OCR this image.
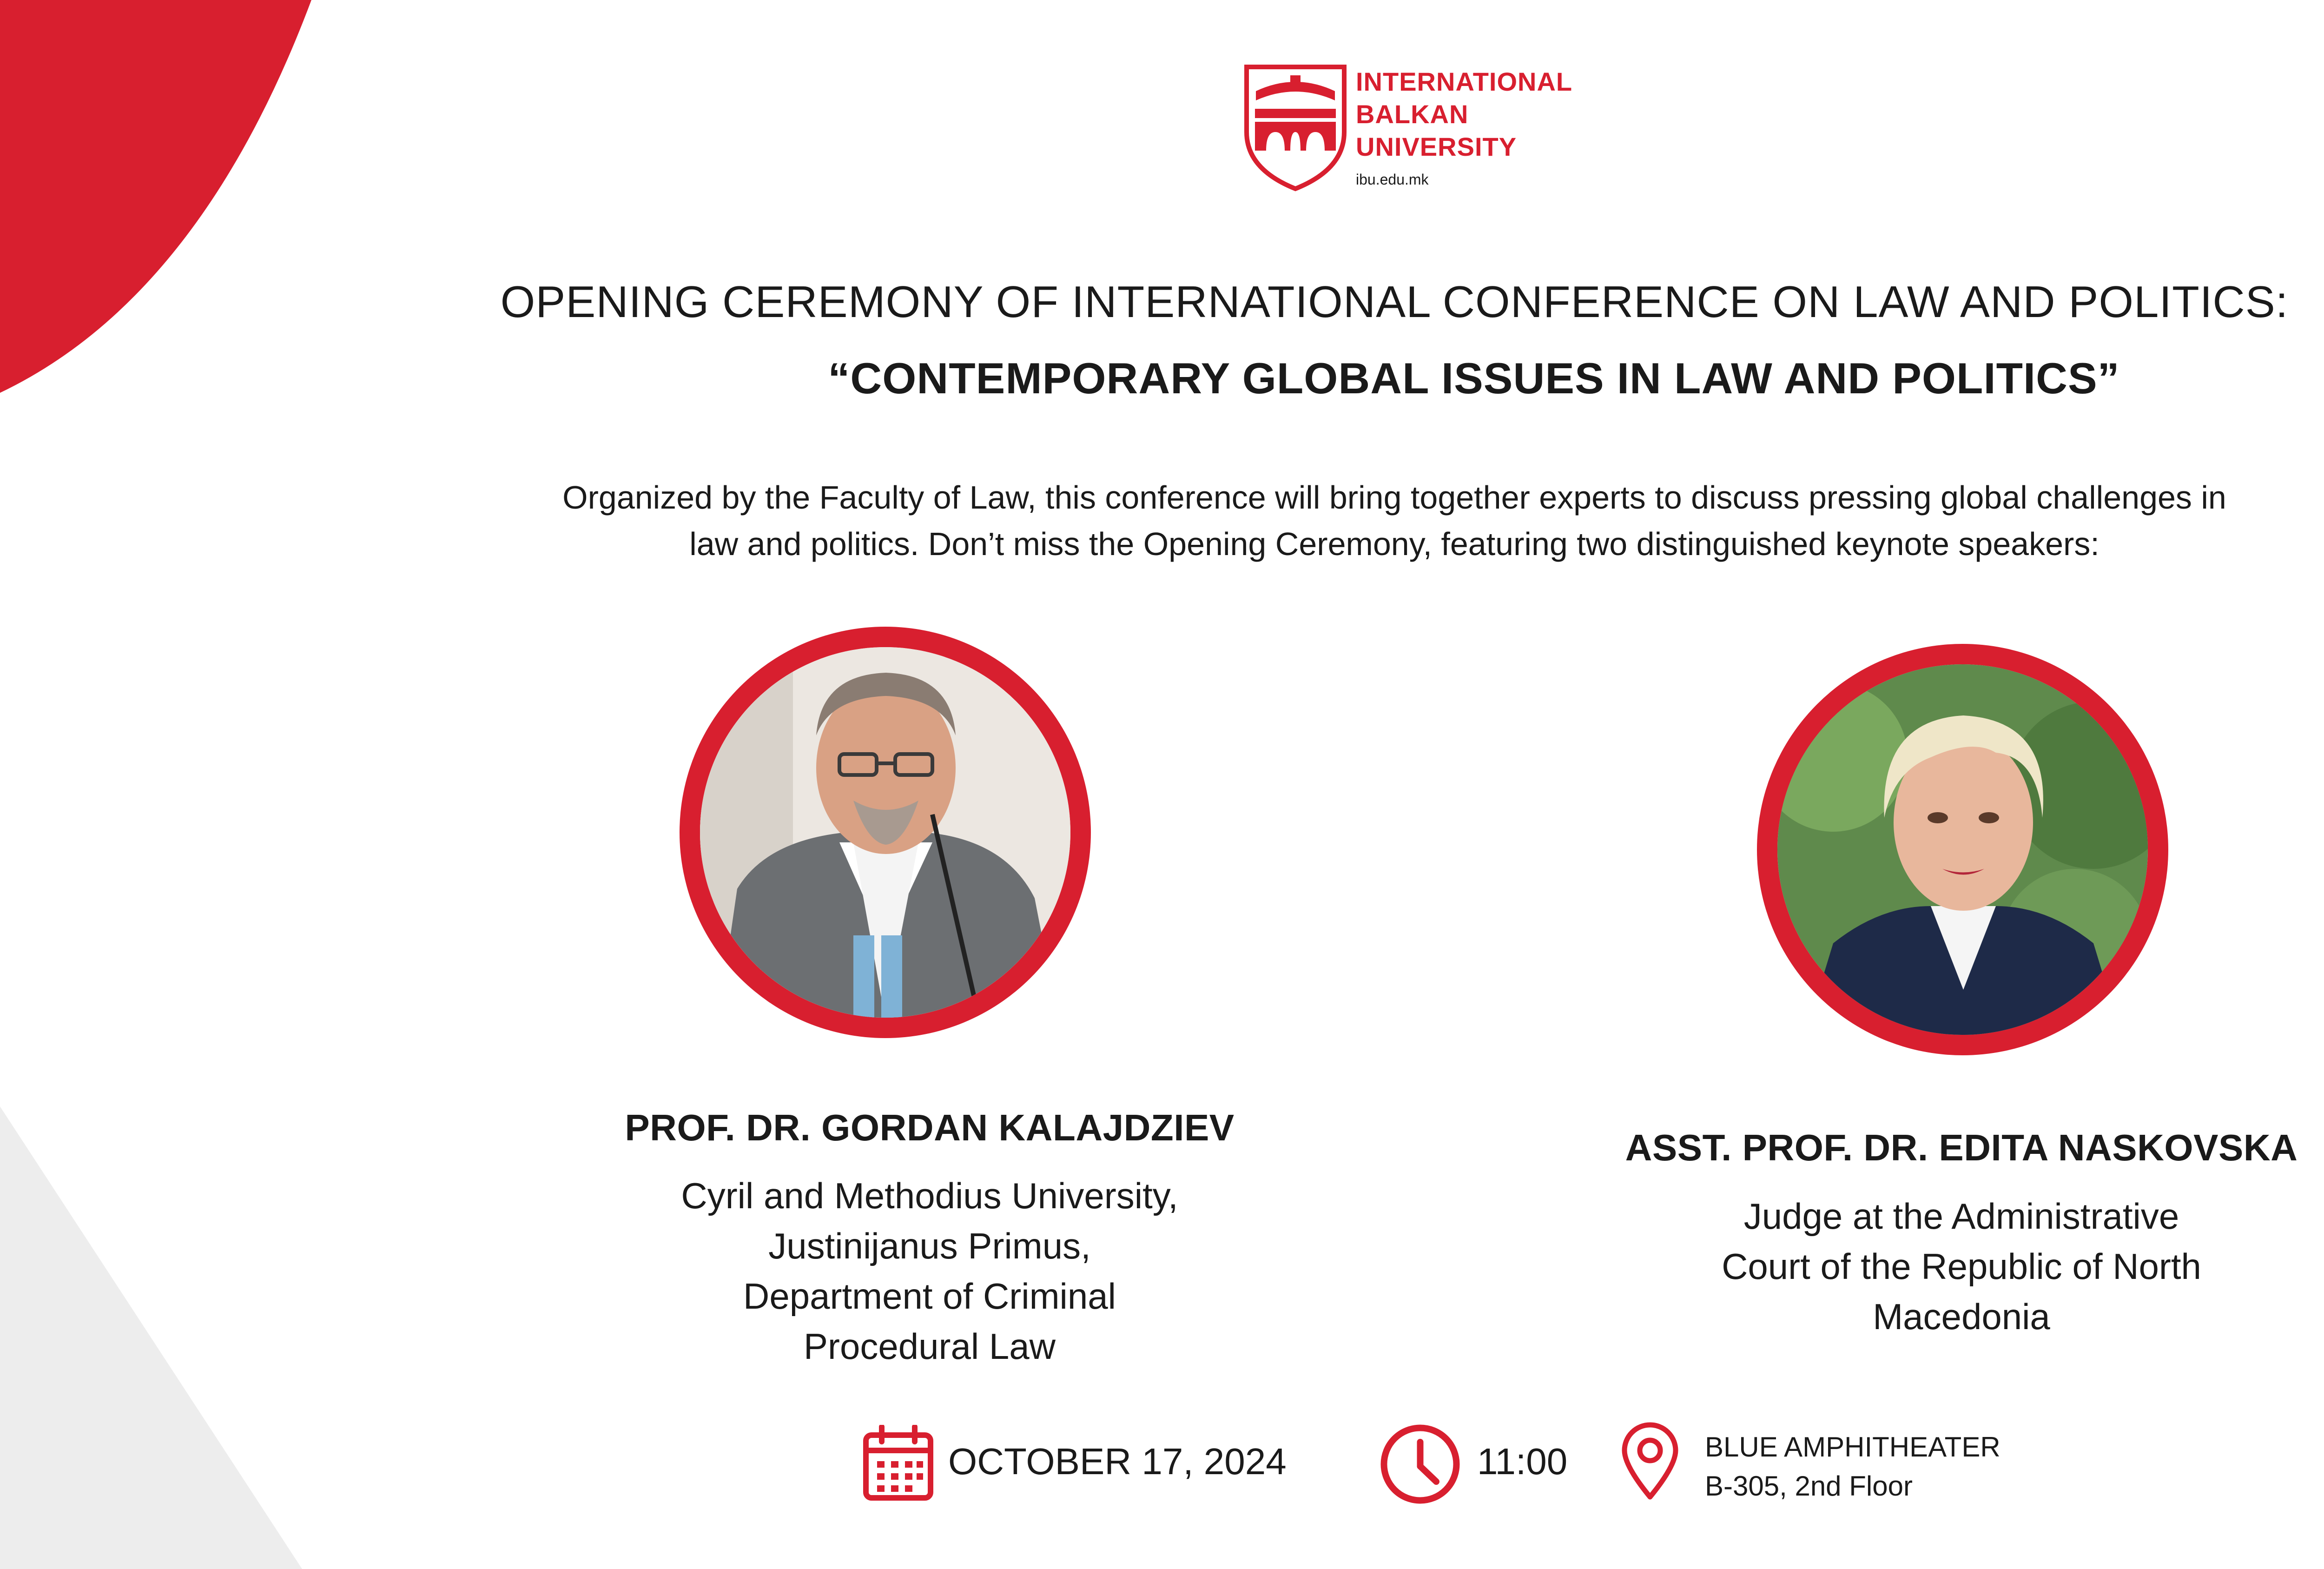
INTERNATIONAL
BALKAN
UNIVERSITY
ibu.edu.mk
OPENING CEREMONY OF INTERNATIONAL CONFERENCE ON LAW AND POLITICS:
“CONTEMPORARY GLOBAL ISSUES IN LAW AND POLITICS”
Organized by the Faculty of Law, this conference will bring together experts to discuss pressing global challenges in law and politics. Don’t miss the Opening Ceremony, featuring two distinguished keynote speakers:
PROF. DR. GORDAN KALAJDZIEV
Cyril and Methodius University,
Justinijanus Primus,
Department of Criminal
Procedural Law
ASST. PROF. DR. EDITA NASKOVSKA
Judge at the Administrative
Court of the Republic of North
Macedonia
OCTOBER 17, 2024	11:00	BLUE AMPHITHEATER
B-305, 2nd Floor
